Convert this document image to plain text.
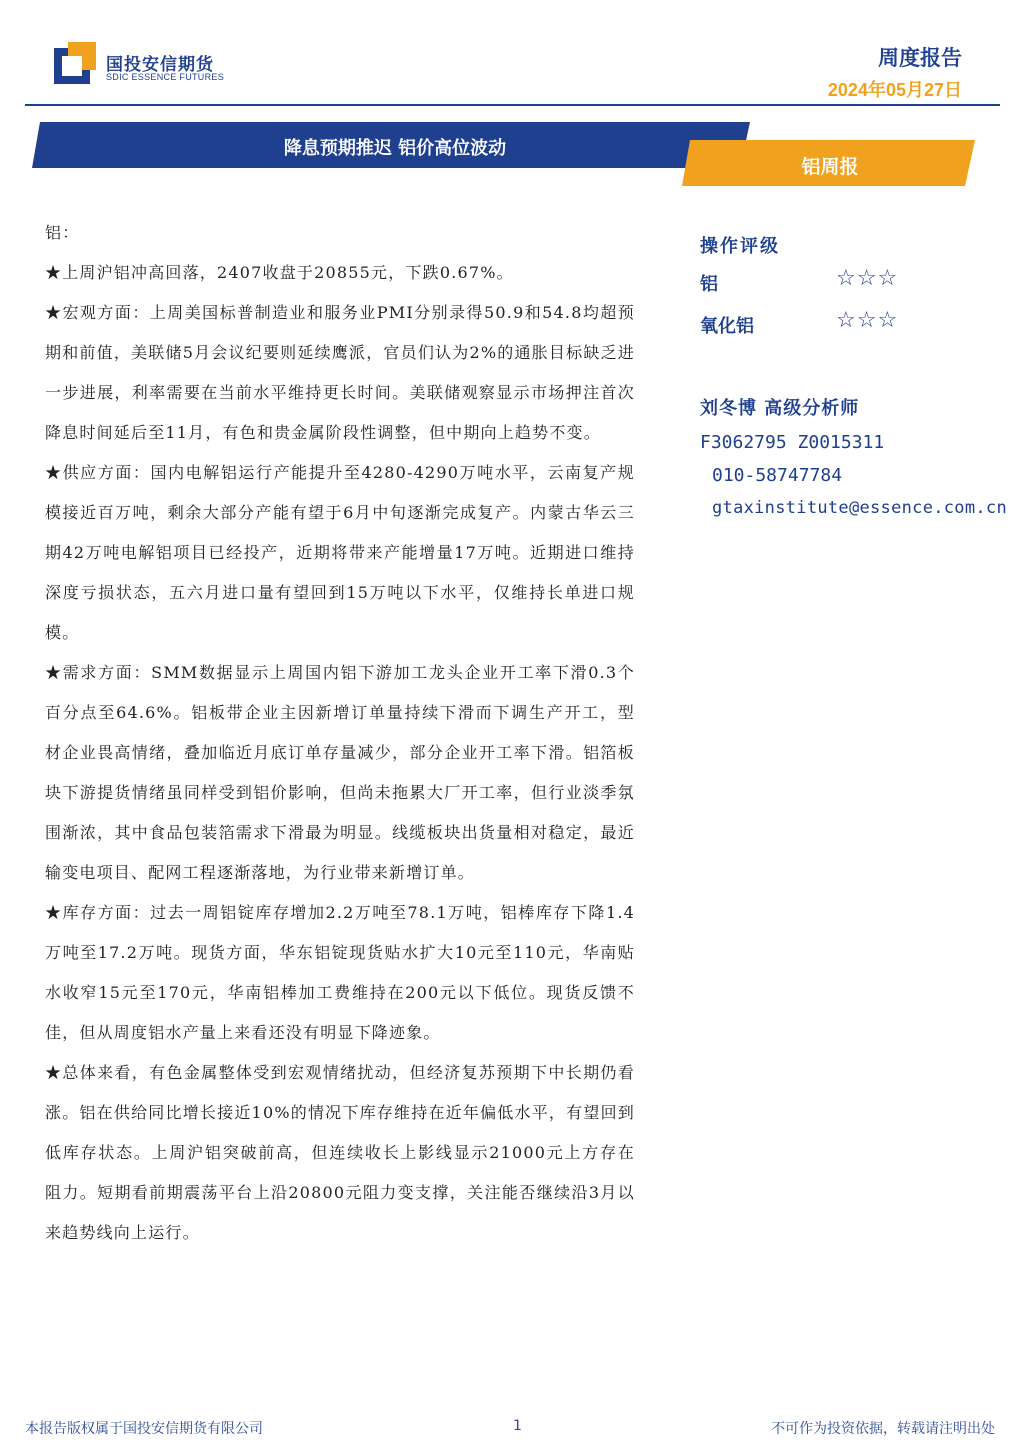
国投安信期货
SDIC ESSENCE FUTURES
周度报告
2024年05月27日
降息预期推迟 铝价高位波动
铝周报

铝：

★上周沪铝冲高回落，2407收盘于20855元，下跌0.67%。

★宏观方面：上周美国标普制造业和服务业PMI分别录得50.9和54.8均超预期和前值，美联储5月会议纪要则延续鹰派，官员们认为2%的通胀目标缺乏进一步进展，利率需要在当前水平维持更长时间。美联储观察显示市场押注首次降息时间延后至11月，有色和贵金属阶段性调整，但中期向上趋势不变。

★供应方面：国内电解铝运行产能提升至4280-4290万吨水平，云南复产规模接近百万吨，剩余大部分产能有望于6月中旬逐渐完成复产。内蒙古华云三期42万吨电解铝项目已经投产，近期将带来产能增量17万吨。近期进口维持深度亏损状态，五六月进口量有望回到15万吨以下水平，仅维持长单进口规模。

★需求方面：SMM数据显示上周国内铝下游加工龙头企业开工率下滑0.3个百分点至64.6%。铝板带企业主因新增订单量持续下滑而下调生产开工，型材企业畏高情绪，叠加临近月底订单存量减少，部分企业开工率下滑。铝箔板块下游提货情绪虽同样受到铝价影响，但尚未拖累大厂开工率，但行业淡季氛围渐浓，其中食品包装箔需求下滑最为明显。线缆板块出货量相对稳定，最近输变电项目、配网工程逐渐落地，为行业带来新增订单。

★库存方面：过去一周铝锭库存增加2.2万吨至78.1万吨，铝棒库存下降1.4万吨至17.2万吨。现货方面，华东铝锭现货贴水扩大10元至110元，华南贴水收窄15元至170元，华南铝棒加工费维持在200元以下低位。现货反馈不佳，但从周度铝水产量上来看还没有明显下降迹象。

★总体来看，有色金属整体受到宏观情绪扰动，但经济复苏预期下中长期仍看涨。铝在供给同比增长接近10%的情况下库存维持在近年偏低水平，有望回到低库存状态。上周沪铝突破前高，但连续收长上影线显示21000元上方存在阻力。短期看前期震荡平台上沿20800元阻力变支撑，关注能否继续沿3月以来趋势线向上运行。

操作评级
铝	☆☆☆
氧化铝	☆☆☆
刘冬博 高级分析师
F3062795 Z0015311
010-58747784
gtaxinstitute@essence.com.cn
本报告版权属于国投安信期货有限公司	1	不可作为投资依据，转载请注明出处
